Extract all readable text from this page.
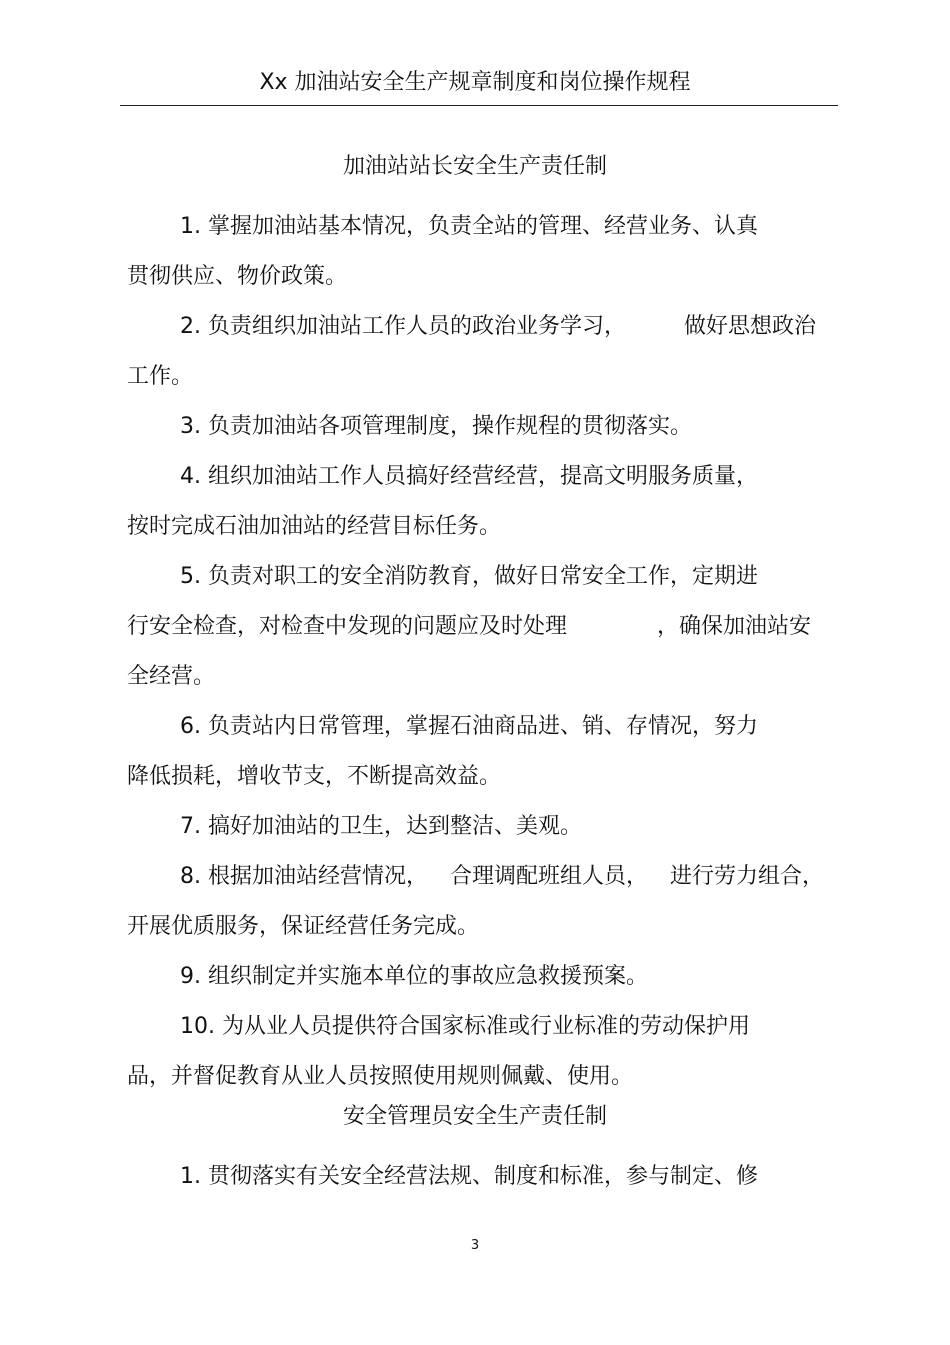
Xx 加油站安全生产规章制度和岗位操作规程

加油站站长安全生产责任制

1. 掌握加油站基本情况，负责全站的管理、经营业务、认真

贯彻供应、物价政策。

2. 负责组织加油站工作人员的政治业务学习，	做好思想政治

工作。

3. 负责加油站各项管理制度，操作规程的贯彻落实。

4. 组织加油站工作人员搞好经营经营，提高文明服务质量，

按时完成石油加油站的经营目标任务。

5. 负责对职工的安全消防教育，做好日常安全工作，定期进

行安全检查，对检查中发现的问题应及时处理	，确保加油站安

全经营。

6. 负责站内日常管理，掌握石油商品进、销、存情况，努力

降低损耗，增收节支，不断提高效益。

7. 搞好加油站的卫生，达到整洁、美观。

8. 根据加油站经营情况， 合理调配班组人员， 进行劳力组合，

开展优质服务，保证经营任务完成。

9. 组织制定并实施本单位的事故应急救援预案。

10. 为从业人员提供符合国家标准或行业标准的劳动保护用

品，并督促教育从业人员按照使用规则佩戴、使用。

安全管理员安全生产责任制

1. 贯彻落实有关安全经营法规、制度和标准，参与制定、修

3
